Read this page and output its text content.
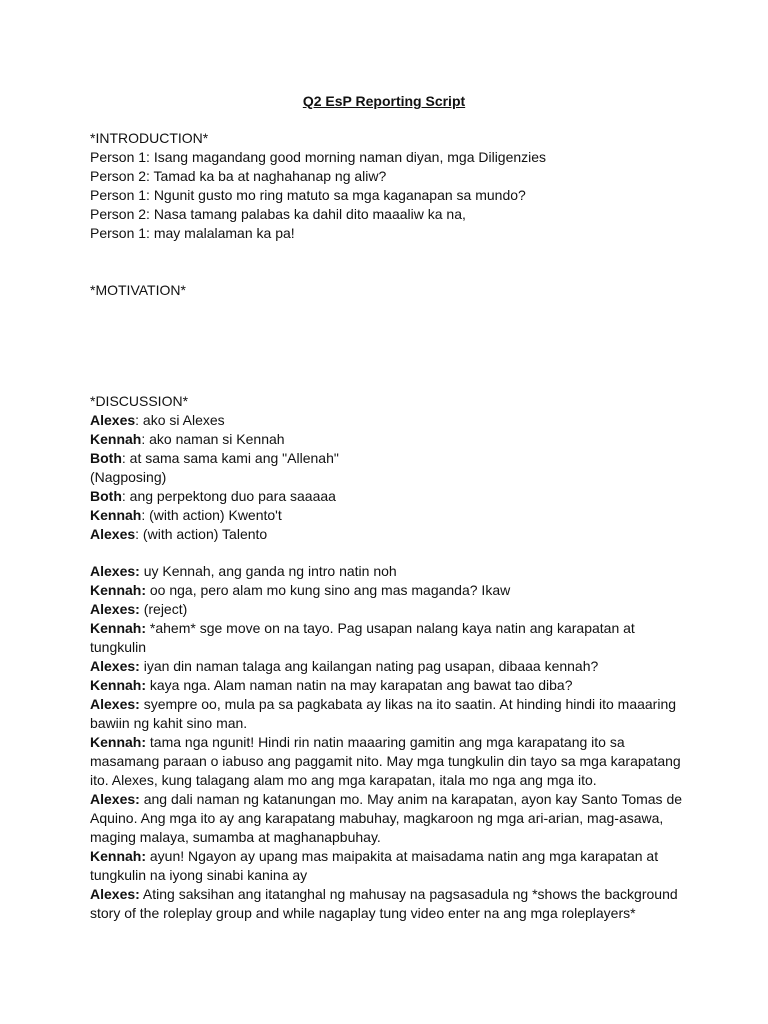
Q2 EsP Reporting Script
*INTRODUCTION*
Person 1: Isang magandang good morning naman diyan, mga Diligenzies
Person 2: Tamad ka ba at naghahanap ng aliw?
Person 1: Ngunit gusto mo ring matuto sa mga kaganapan sa mundo?
Person 2: Nasa tamang palabas ka dahil dito maaaliw ka na,
Person 1: may malalaman ka pa!
*MOTIVATION*
*DISCUSSION*
Alexes: ako si Alexes
Kennah: ako naman si Kennah
Both: at sama sama kami ang "Allenah"
(Nagposing)
Both: ang perpektong duo para saaaaa
Kennah: (with action) Kwento't
Alexes: (with action) Talento
Alexes: uy Kennah, ang ganda ng intro natin noh
Kennah: oo nga, pero alam mo kung sino ang mas maganda? Ikaw
Alexes: (reject)
Kennah: *ahem* sge move on na tayo. Pag usapan nalang kaya natin ang karapatan at
tungkulin
Alexes: iyan din naman talaga ang kailangan nating pag usapan, dibaaa kennah?
Kennah: kaya nga. Alam naman natin na may karapatan ang bawat tao diba?
Alexes: syempre oo, mula pa sa pagkabata ay likas na ito saatin. At hinding hindi ito maaaring
bawiin ng kahit sino man.
Kennah: tama nga ngunit! Hindi rin natin maaaring gamitin ang mga karapatang ito sa
masamang paraan o iabuso ang paggamit nito. May mga tungkulin din tayo sa mga karapatang
ito. Alexes, kung talagang alam mo ang mga karapatan, itala mo nga ang mga ito.
Alexes: ang dali naman ng katanungan mo. May anim na karapatan, ayon kay Santo Tomas de
Aquino. Ang mga ito ay ang karapatang mabuhay, magkaroon ng mga ari-arian, mag-asawa,
maging malaya, sumamba at maghanapbuhay.
Kennah: ayun! Ngayon ay upang mas maipakita at maisadama natin ang mga karapatan at
tungkulin na iyong sinabi kanina ay
Alexes: Ating saksihan ang itatanghal ng mahusay na pagsasadula ng *shows the background
story of the roleplay group and while nagaplay tung video enter na ang mga roleplayers*
